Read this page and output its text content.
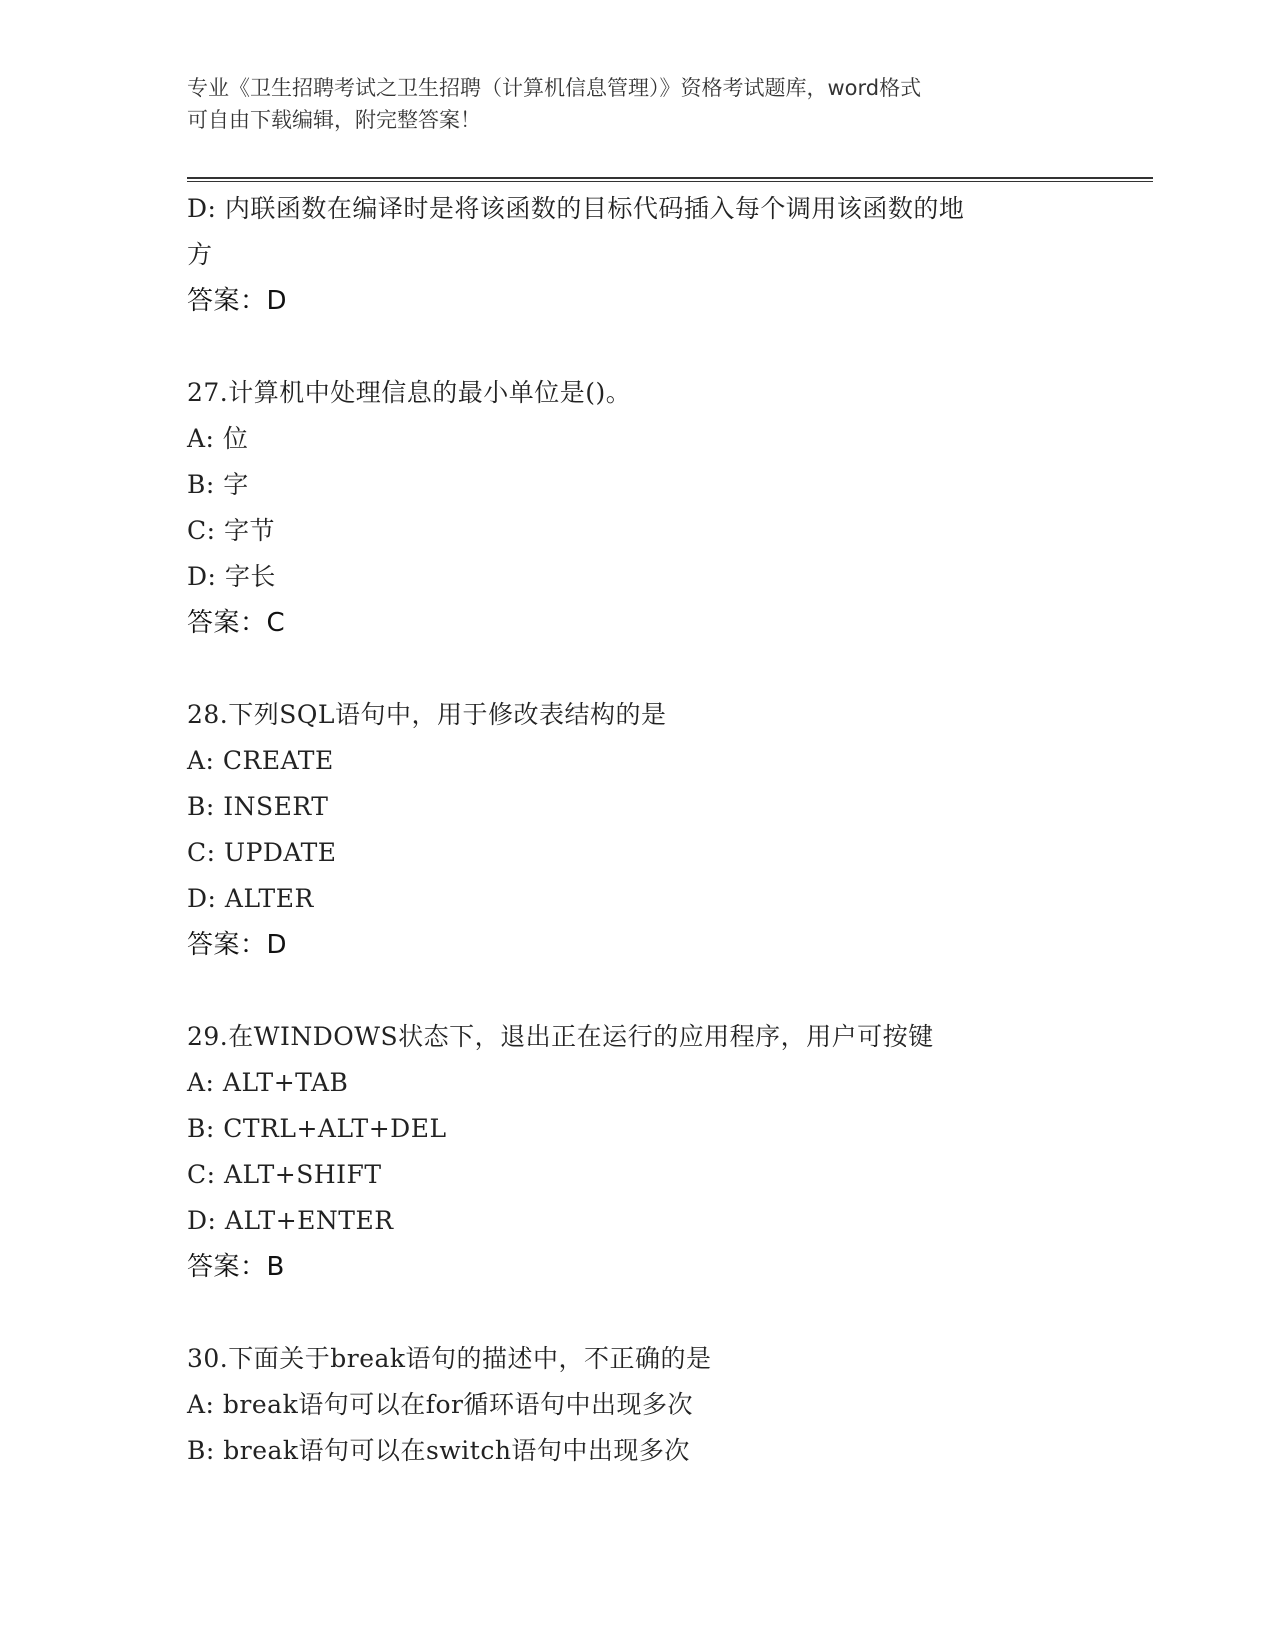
专业《卫生招聘考试之卫生招聘（计算机信息管理）》资格考试题库，word格式
可自由下载编辑，附完整答案！
D: 内联函数在编译时是将该函数的目标代码插入每个调用该函数的地
方
答案：D
27.计算机中处理信息的最小单位是()。
A: 位
B: 字
C: 字节
D: 字长
答案：C
28.下列SQL语句中，用于修改表结构的是
A: CREATE
B: INSERT
C: UPDATE
D: ALTER
答案：D
29.在WINDOWS状态下，退出正在运行的应用程序，用户可按键
A: ALT+TAB
B: CTRL+ALT+DEL
C: ALT+SHIFT
D: ALT+ENTER
答案：B
30.下面关于break语句的描述中，不正确的是
A: break语句可以在for循环语句中出现多次
B: break语句可以在switch语句中出现多次
